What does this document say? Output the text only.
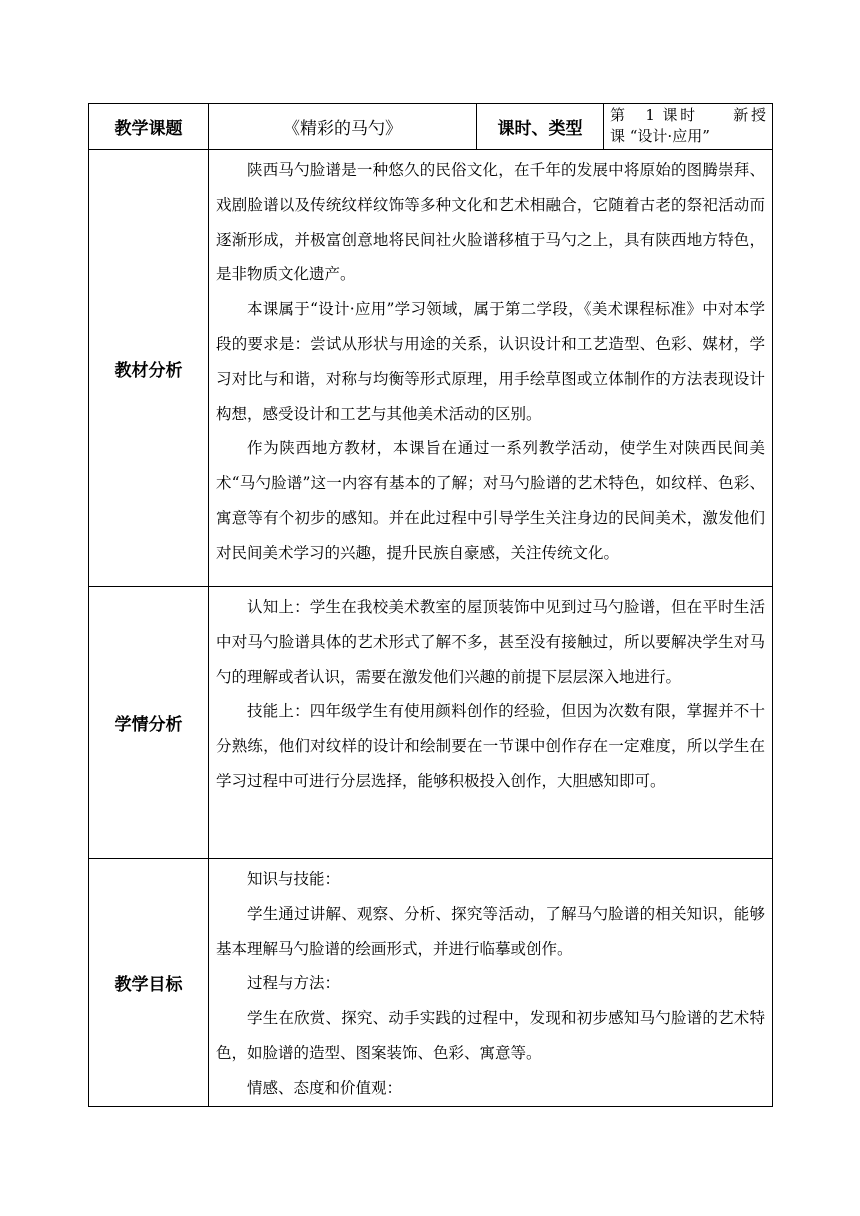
教学课题	《精彩的马勺》	课时、类型	第　1 课时　　新授
课 “设计·应用”

教材分析	陕西马勺脸谱是一种悠久的民俗文化，在千年的发展中将原始的图腾崇拜、戏剧脸谱以及传统纹样纹饰等多种文化和艺术相融合，它随着古老的祭祀活动而逐渐形成，并极富创意地将民间社火脸谱移植于马勺之上，具有陕西地方特色，是非物质文化遗产。

本课属于“设计·应用”学习领域，属于第二学段，《美术课程标准》中对本学段的要求是：尝试从形状与用途的关系，认识设计和工艺造型、色彩、媒材，学习对比与和谐，对称与均衡等形式原理，用手绘草图或立体制作的方法表现设计构想，感受设计和工艺与其他美术活动的区别。

作为陕西地方教材，本课旨在通过一系列教学活动，使学生对陕西民间美术“马勺脸谱”这一内容有基本的了解；对马勺脸谱的艺术特色，如纹样、色彩、寓意等有个初步的感知。并在此过程中引导学生关注身边的民间美术，激发他们对民间美术学习的兴趣，提升民族自豪感，关注传统文化。		

学情分析	认知上：学生在我校美术教室的屋顶装饰中见到过马勺脸谱，但在平时生活中对马勺脸谱具体的艺术形式了解不多，甚至没有接触过，所以要解决学生对马勺的理解或者认识，需要在激发他们兴趣的前提下层层深入地进行。

技能上：四年级学生有使用颜料创作的经验，但因为次数有限，掌握并不十分熟练，他们对纹样的设计和绘制要在一节课中创作存在一定难度，所以学生在学习过程中可进行分层选择，能够积极投入创作，大胆感知即可。		

教学目标	知识与技能：

学生通过讲解、观察、分析、探究等活动，了解马勺脸谱的相关知识，能够基本理解马勺脸谱的绘画形式，并进行临摹或创作。

过程与方法：

学生在欣赏、探究、动手实践的过程中，发现和初步感知马勺脸谱的艺术特色，如脸谱的造型、图案装饰、色彩、寓意等。

情感、态度和价值观：		
